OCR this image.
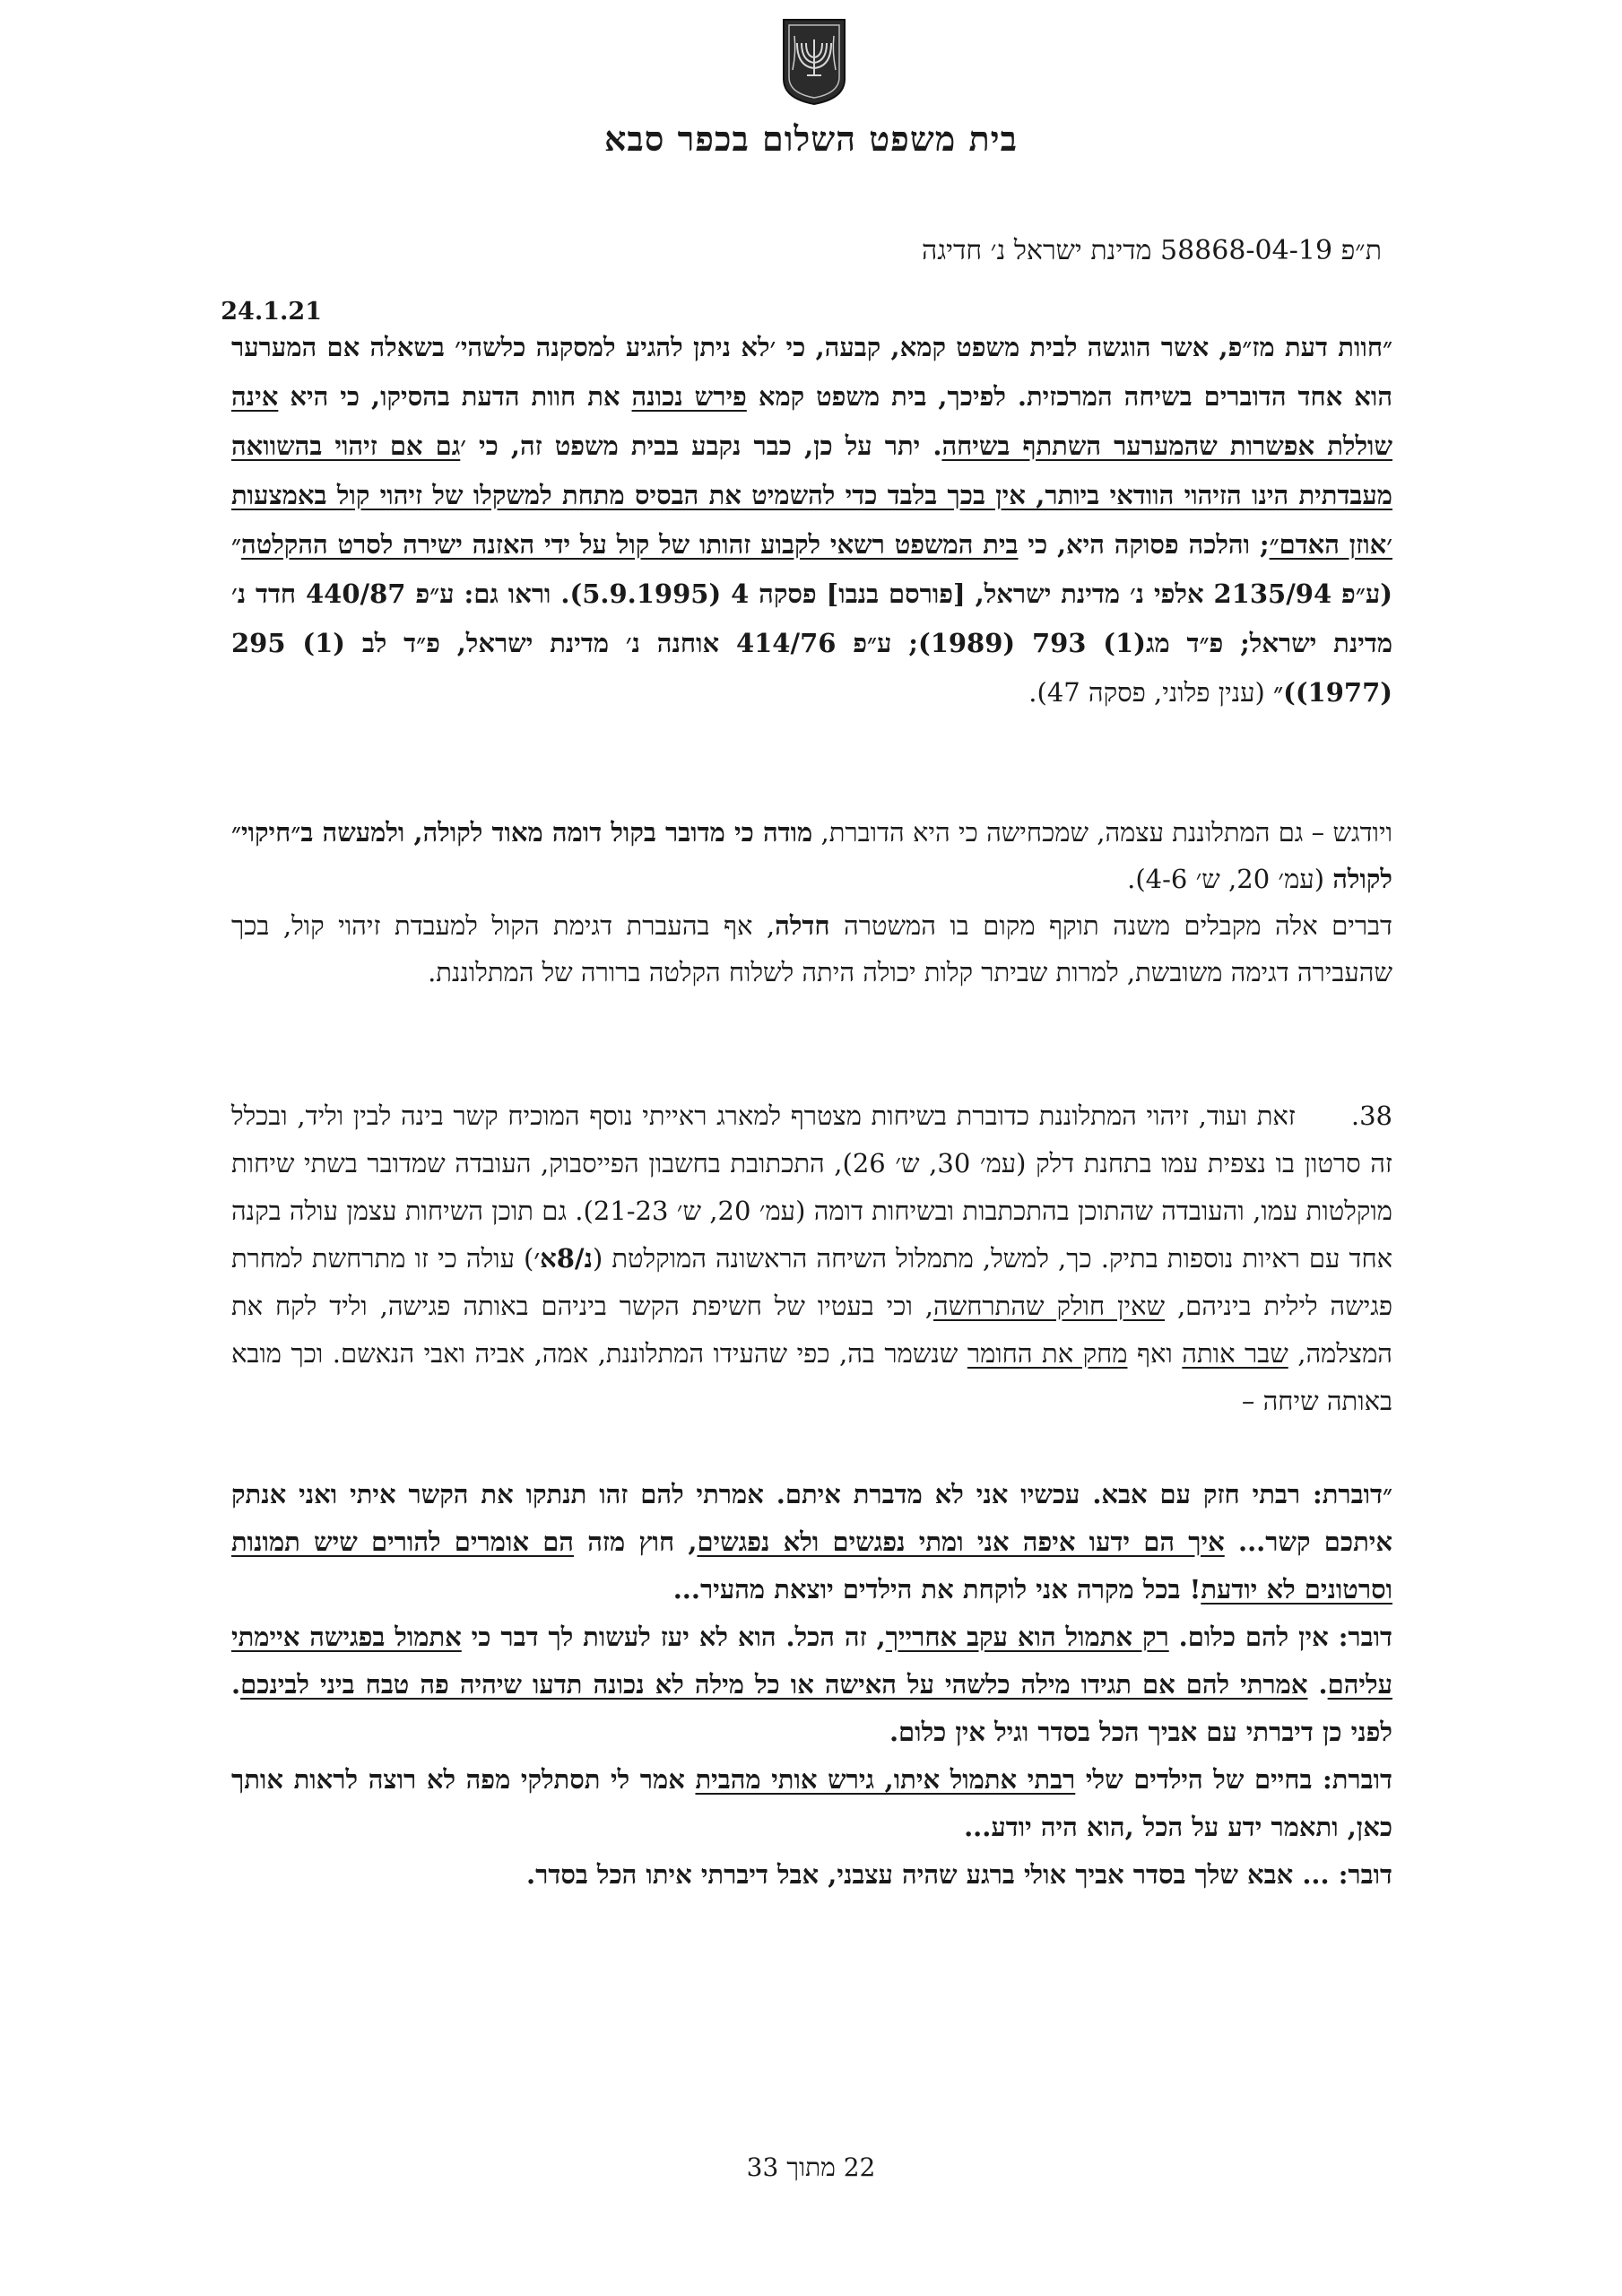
בית משפט השלום בכפר סבא
ת״פ 58868-04-19 מדינת ישראל נ׳ חדיגה
24.1.21

״חוות דעת מז״פ, אשר הוגשה לבית משפט קמא, קבעה, כי ׳לא ניתן להגיע למסקנה כלשהי׳ בשאלה אם המערער הוא אחד הדוברים בשיחה המרכזית. לפיכך, בית משפט קמא פירש נכונה את חוות הדעת בהסיקו, כי היא אינה שוללת אפשרות שהמערער השתתף בשיחה. יתר על כן, כבר נקבע בבית משפט זה, כי ׳גם אם זיהוי בהשוואה מעבדתית הינו הזיהוי הוודאי ביותר, אין בכך בלבד כדי להשמיט את הבסיס מתחת למשקלו של זיהוי קול באמצעות ׳אוזן האדם״; והלכה פסוקה היא, כי בית המשפט רשאי לקבוע זהותו של קול על ידי האזנה ישירה לסרט ההקלטה״ (ע״פ 2135/94 אלפי נ׳ מדינת ישראל, [פורסם בנבו] פסקה 4 (5.9.1995). וראו גם: ע״פ 440/87 חדד נ׳ מדינת ישראל; פ״ד מג(1) 793 (1989); ע״פ 414/76 אוחנה נ׳ מדינת ישראל, פ״ד לב (1) 295 (1977))״ (ענין פלוני, פסקה 47).

ויודגש – גם המתלוננת עצמה, שמכחישה כי היא הדוברת, מודה כי מדובר בקול דומה מאוד לקולה, ולמעשה ב״חיקוי״ לקולה (עמ׳ 20, ש׳ 4-6).

דברים אלה מקבלים משנה תוקף מקום בו המשטרה חדלה, אף בהעברת דגימת הקול למעבדת זיהוי קול, בכך שהעבירה דגימה משובשת, למרות שביתר קלות יכולה היתה לשלוח הקלטה ברורה של המתלוננת.

38.זאת ועוד, זיהוי המתלוננת כדוברת בשיחות מצטרף למארג ראייתי נוסף המוכיח קשר בינה לבין וליד, ובכלל זה סרטון בו נצפית עמו בתחנת דלק (עמ׳ 30, ש׳ 26), התכתובת בחשבון הפייסבוק, העובדה שמדובר בשתי שיחות מוקלטות עמו, והעובדה שהתוכן בהתכתבות ובשיחות דומה (עמ׳ 20, ש׳ 21-23). גם תוכן השיחות עצמן עולה בקנה אחד עם ראיות נוספות בתיק. כך, למשל, מתמלול השיחה הראשונה המוקלטת (נ/8א׳) עולה כי זו מתרחשת למחרת פגישה לילית ביניהם, שאין חולק שהתרחשה, וכי בעטיו של חשיפת הקשר ביניהם באותה פגישה, וליד לקח את המצלמה, שבר אותה ואף מחק את החומר שנשמר בה, כפי שהעידו המתלוננת, אמה, אביה ואבי הנאשם. וכך מובא באותה שיחה –

״דוברת: רבתי חזק עם אבא. עכשיו אני לא מדברת איתם. אמרתי להם זהו תנתקו את הקשר איתי ואני אנתק איתכם קשר... איך הם ידעו איפה אני ומתי נפגשים ולא נפגשים, חוץ מזה הם אומרים להורים שיש תמונות וסרטונים לא יודעת! בכל מקרה אני לוקחת את הילדים יוצאת מהעיר...
דובר: אין להם כלום. רק אתמול הוא עקב אחרייך, זה הכל. הוא לא יעז לעשות לך דבר כי אתמול בפגישה איימתי עליהם. אמרתי להם אם תגידו מילה כלשהי על האישה או כל מילה לא נכונה תדעו שיהיה פה טבח ביני לבינכם. לפני כן דיברתי עם אביך הכל בסדר וגיל אין כלום.
דוברת: בחיים של הילדים שלי רבתי אתמול איתו, גירש אותי מהבית אמר לי תסתלקי מפה לא רוצה לראות אותך כאן, ותאמר ידע על הכל ,הוא היה יודע...
דובר: ... אבא שלך בסדר אביך אולי ברגע שהיה עצבני, אבל דיברתי איתו הכל בסדר.
22 מתוך 33
